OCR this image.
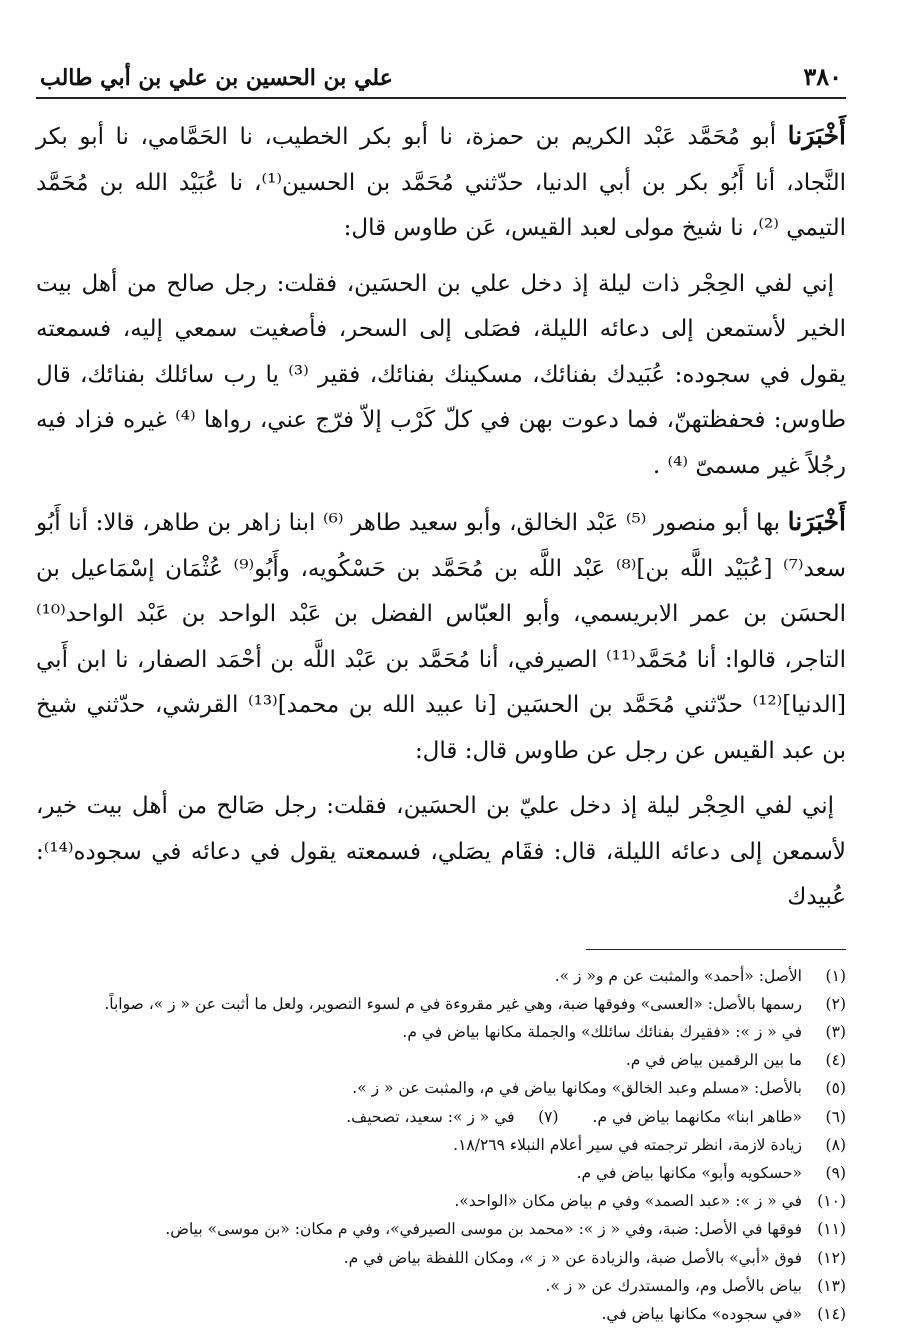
٣٨٠
علي بن الحسين بن علي بن أبي طالب

أَخْبَرَنا أبو مُحَمَّد عَبْد الكريم بن حمزة، نا أبو بكر الخطيب، نا الحَمَّامي، نا أبو بكر النَّجاد، أنا أَبُو بكر بن أبي الدنيا، حدّثني مُحَمَّد بن الحسين⁽¹⁾، نا عُبَيْد الله بن مُحَمَّد التيمي ⁽²⁾، نا شيخ مولى لعبد القيس، عَن طاوس قال:

إني لفي الحِجْر ذات ليلة إذ دخل علي بن الحسَين، فقلت: رجل صالح من أهل بيت الخير لأستمعن إلى دعائه الليلة، فصَلى إلى السحر، فأصغيت سمعي إليه، فسمعته يقول في سجوده: عُبَيدك بفنائك، مسكينك بفنائك، فقير ⁽³⁾ يا رب سائلك بفنائك، قال طاوس: فحفظتهنّ، فما دعوت بهن في كلّ كَرْب إلاّ فرّج عني، رواها ⁽⁴⁾ غيره فزاد فيه رجُلاً غير مسمىّ ⁽⁴⁾ .

أَخْبَرَنا بها أبو منصور ⁽⁵⁾ عَبْد الخالق، وأبو سعيد طاهر ⁽⁶⁾ ابنا زاهر بن طاهر، قالا: أنا أَبُو سعد⁽⁷⁾ [عُبَيْد اللَّه بن]⁽⁸⁾ عَبْد اللَّه بن مُحَمَّد بن حَسْكُويه، وأَبُو⁽⁹⁾ عُثْمَان إسْمَاعيل بن الحسَن بن عمر الابريسمي، وأبو العبّاس الفضل بن عَبْد الواحد بن عَبْد الواحد⁽¹⁰⁾ التاجر، قالوا: أنا مُحَمَّد⁽¹¹⁾ الصيرفي، أنا مُحَمَّد بن عَبْد اللَّه بن أحْمَد الصفار، نا ابن أَبي [الدنيا]⁽¹²⁾ حدّثني مُحَمَّد بن الحسَين [نا عبيد الله بن محمد]⁽¹³⁾ القرشي، حدّثني شيخ بن عبد القيس عن رجل عن طاوس قال: قال:

إني لفي الحِجْر ليلة إذ دخل عليّ بن الحسَين، فقلت: رجل صَالح من أهل بيت خير، لأسمعن إلى دعائه الليلة، قال: فقَام يصَلي، فسمعته يقول في دعائه في سجوده⁽¹⁴⁾: عُبيدك

(١)
الأصل: «أحمد» والمثبت عن م و« ز ».
(٢)
رسمها بالأصل: «العسى» وفوقها ضبة، وهي غير مقروءة في م لسوء التصوير، ولعل ما أثبت عن « ز »، صواباً.
(٣)
في « ز »: «فقيرك بفنائك سائلك» والجملة مكانها بياض في م.
(٤)
ما بين الرقمين بياض في م.
(٥)
بالأصل: «مسلم وعبد الخالق» ومكانها بياض في م، والمثبت عن « ز ».
(٦)
«طاهر ابنا» مكانهما بياض في م.
(٧)
في « ز »: سعيد، تصحيف.
(٨)
زيادة لازمة، انظر ترجمته في سير أعلام النبلاء ١٨/٢٦٩.
(٩)
«حسكويه وأبو» مكانها بياض في م.
(١٠)
في « ز »: «عبد الصمد» وفي م بياض مكان «الواحد».
(١١)
فوقها في الأصل: ضبة، وفي « ز »: «محمد بن موسى الصيرفي»، وفي م مكان: «بن موسى» بياض.
(١٢)
فوق «أبي» بالأصل ضبة، والزيادة عن « ز »، ومكان اللفظة بياض في م.
(١٣)
بياض بالأصل وم، والمستدرك عن « ز ».
(١٤)
«في سجوده» مكانها بياض في.
